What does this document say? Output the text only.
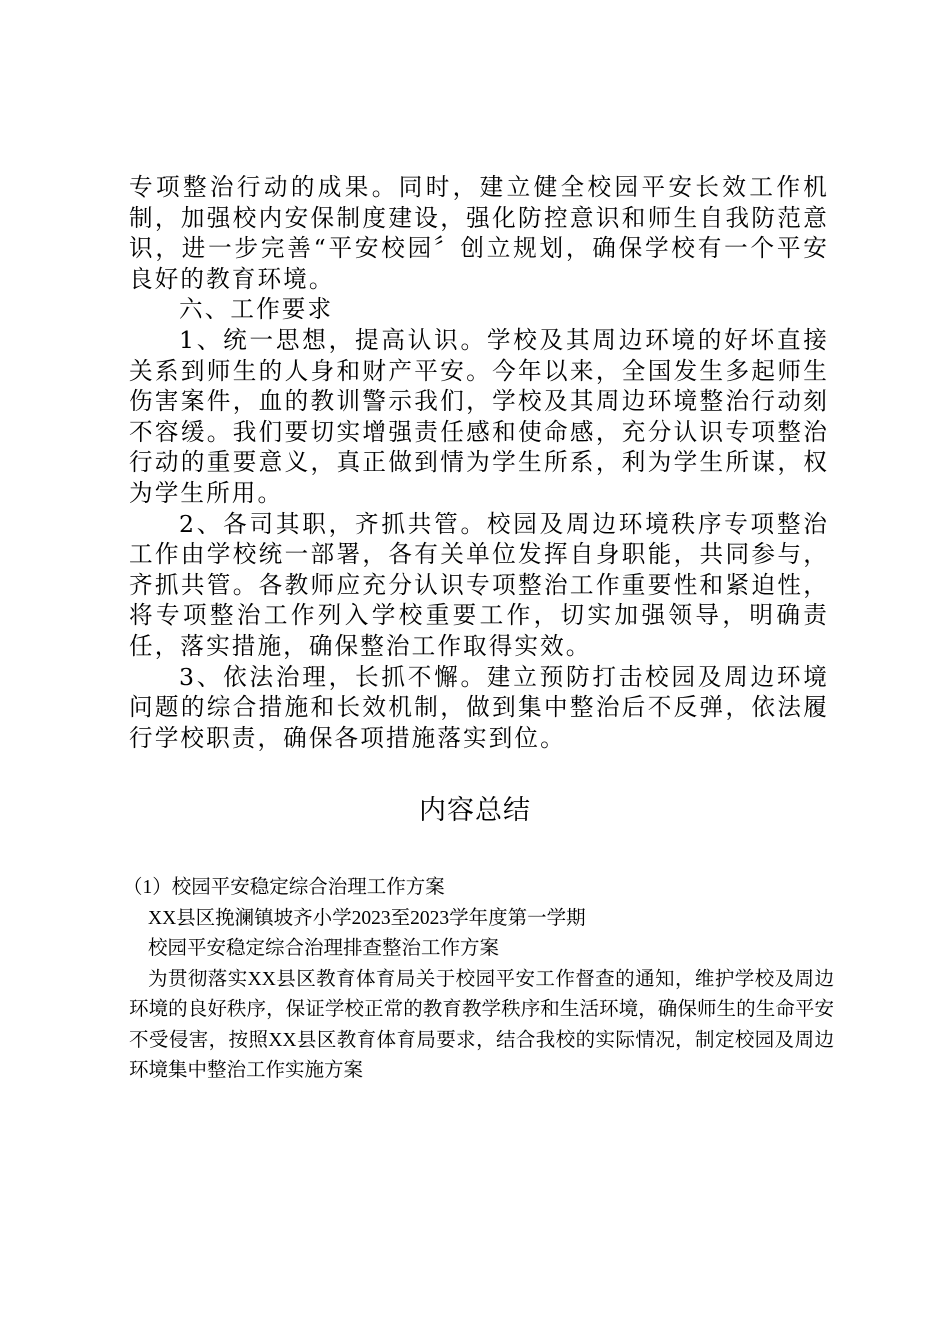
专项整治行动的成果。同时，建立健全校园平安长效工作机制，加强校内安保制度建设，强化防控意识和师生自我防范意识，进一步完善“平安校园〞创立规划，确保学校有一个平安良好的教育环境。

六、工作要求

1、统一思想，提高认识。学校及其周边环境的好坏直接关系到师生的人身和财产平安。今年以来，全国发生多起师生伤害案件，血的教训警示我们，学校及其周边环境整治行动刻不容缓。我们要切实增强责任感和使命感，充分认识专项整治行动的重要意义，真正做到情为学生所系，利为学生所谋，权为学生所用。

2、各司其职，齐抓共管。校园及周边环境秩序专项整治工作由学校统一部署，各有关单位发挥自身职能，共同参与，齐抓共管。各教师应充分认识专项整治工作重要性和紧迫性，将专项整治工作列入学校重要工作，切实加强领导，明确责任，落实措施，确保整治工作取得实效。

3、依法治理，长抓不懈。建立预防打击校园及周边环境问题的综合措施和长效机制，做到集中整治后不反弹，依法履行学校职责，确保各项措施落实到位。

内容总结

（1）校园平安稳定综合治理工作方案

XX县区挽澜镇坡齐小学2023至2023学年度第一学期

校园平安稳定综合治理排查整治工作方案

为贯彻落实XX县区教育体育局关于校园平安工作督查的通知，维护学校及周边环境的良好秩序，保证学校正常的教育教学秩序和生活环境，确保师生的生命平安不受侵害，按照XX县区教育体育局要求，结合我校的实际情况，制定校园及周边环境集中整治工作实施方案
